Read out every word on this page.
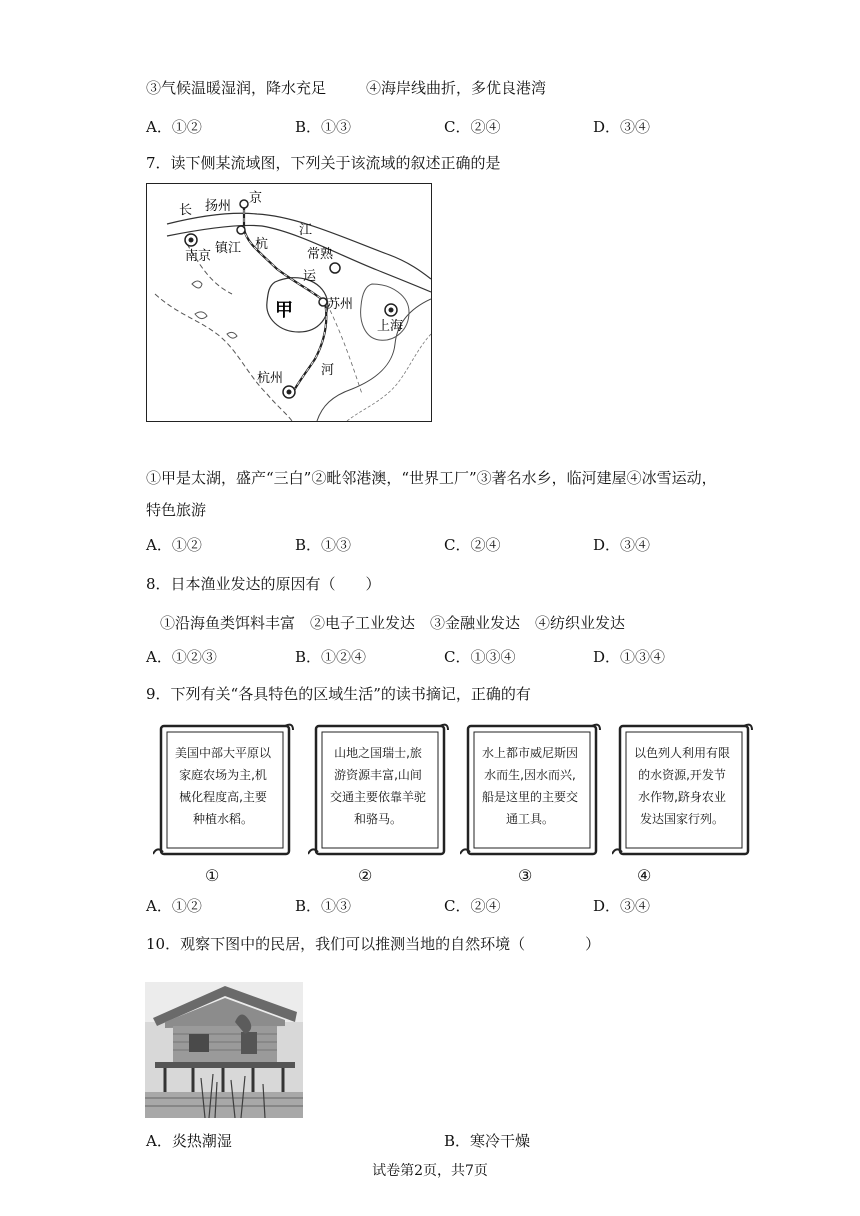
③气候温暖湿润，降水充足	④海岸线曲折，多优良港湾
A．①②	B．①③	C．②④	D．③④
7．读下侧某流域图，下列关于该流域的叙述正确的是
长 扬州
京
南京
镇江 杭
江
常熟
运
甲	苏州
上海
河
杭州
①甲是太湖，盛产“三白”②毗邻港澳，“世界工厂”③著名水乡，临河建屋④冰雪运动，
特色旅游
A．①②	B．①③	C．②④	D．③④
8．日本渔业发达的原因有（　　）
①沿海鱼类饵料丰富　②电子工业发达　③金融业发达　④纺织业发达
A．①②③	B．①②④	C．①③④	D．①③④
9．下列有关“各具特色的区域生活”的读书摘记，正确的有
美国中部大平原以家庭农场为主,机械化程度高,主要种植水稻。
山地之国瑞士,旅游资源丰富,山间交通主要依靠羊驼和骆马。
水上都市威尼斯因水而生,因水而兴,船是这里的主要交通工具。
以色列人利用有限的水资源,开发节水作物,跻身农业发达国家行列。
①	②	③	④
A．①②	B．①③	C．②④	D．③④
10．观察下图中的民居，我们可以推测当地的自然环境（　　　　）
A．炎热潮湿	B．寒冷干燥
试卷第2页，共7页
